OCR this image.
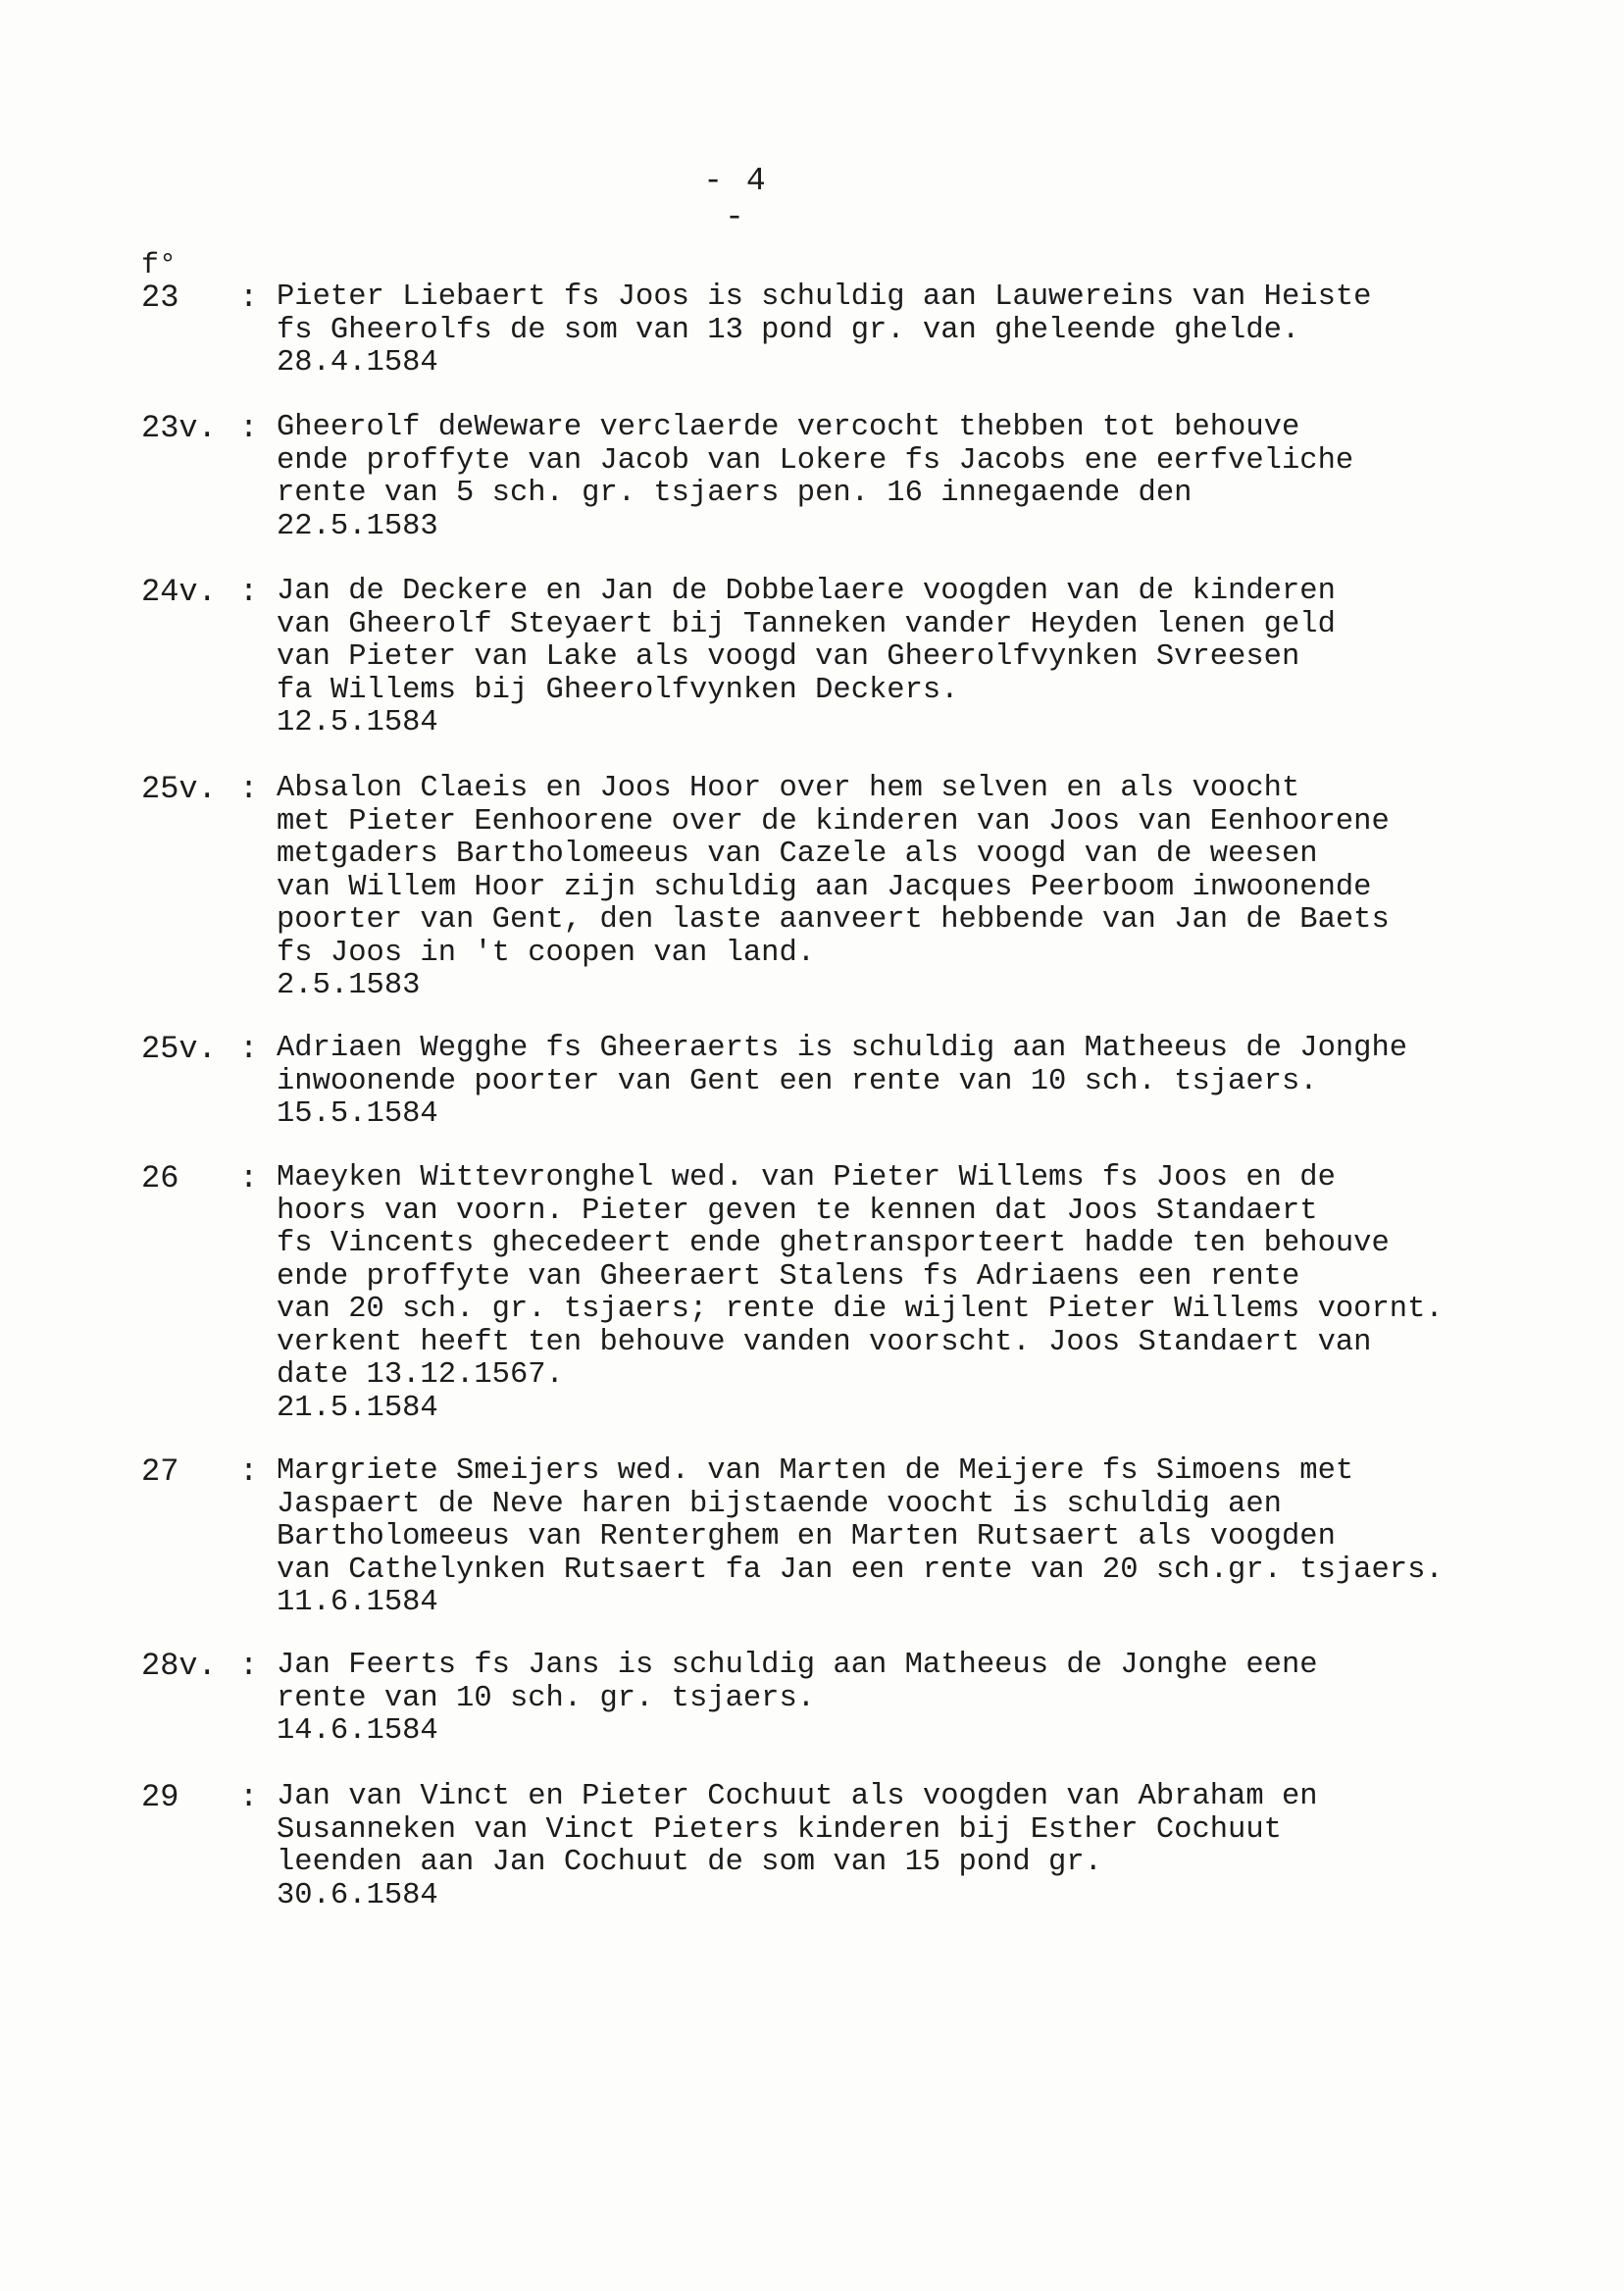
- 4 -
f°
23 : Pieter Liebaert fs Joos is schuldig aan Lauwereins van Heiste
fs Gheerolfs de som van 13 pond gr. van gheleende ghelde.
28.4.1584
23v. : Gheerolf deWeware verclaerde vercocht thebben tot behouve
ende proffyte van Jacob van Lokere fs Jacobs ene eerfveliche
rente van 5 sch. gr. tsjaers pen. 16 innegaende den
22.5.1583
24v. : Jan de Deckere en Jan de Dobbelaere voogden van de kinderen
van Gheerolf Steyaert bij Tanneken vander Heyden lenen geld
van Pieter van Lake als voogd van Gheerolfvynken Svreesen
fa Willems bij Gheerolfvynken Deckers.
12.5.1584
25v. : Absalon Claeis en Joos Hoor over hem selven en als voocht
met Pieter Eenhoorene over de kinderen van Joos van Eenhoorene
metgaders Bartholomeeus van Cazele als voogd van de weesen
van Willem Hoor zijn schuldig aan Jacques Peerboom inwoonende
poorter van Gent, den laste aanveert hebbende van Jan de Baets
fs Joos in 't coopen van land.
2.5.1583
25v. : Adriaen Wegghe fs Gheeraerts is schuldig aan Matheeus de Jonghe
inwoonende poorter van Gent een rente van 10 sch. tsjaers.
15.5.1584
26 : Maeyken Wittevronghel wed. van Pieter Willems fs Joos en de
hoors van voorn. Pieter geven te kennen dat Joos Standaert
fs Vincents ghecedeert ende ghetransporteert hadde ten behouve
ende proffyte van Gheeraert Stalens fs Adriaens een rente
van 20 sch. gr. tsjaers; rente die wijlent Pieter Willems voornt.
verkent heeft ten behouve vanden voorscht. Joos Standaert van
date 13.12.1567.
21.5.1584
27 : Margriete Smeijers wed. van Marten de Meijere fs Simoens met
Jaspaert de Neve haren bijstaende voocht is schuldig aen
Bartholomeeus van Renterghem en Marten Rutsaert als voogden
van Cathelynken Rutsaert fa Jan een rente van 20 sch.gr. tsjaers.
11.6.1584
28v. : Jan Feerts fs Jans is schuldig aan Matheeus de Jonghe eene
rente van 10 sch. gr. tsjaers.
14.6.1584
29 : Jan van Vinct en Pieter Cochuut als voogden van Abraham en
Susanneken van Vinct Pieters kinderen bij Esther Cochuut
leenden aan Jan Cochuut de som van 15 pond gr.
30.6.1584
